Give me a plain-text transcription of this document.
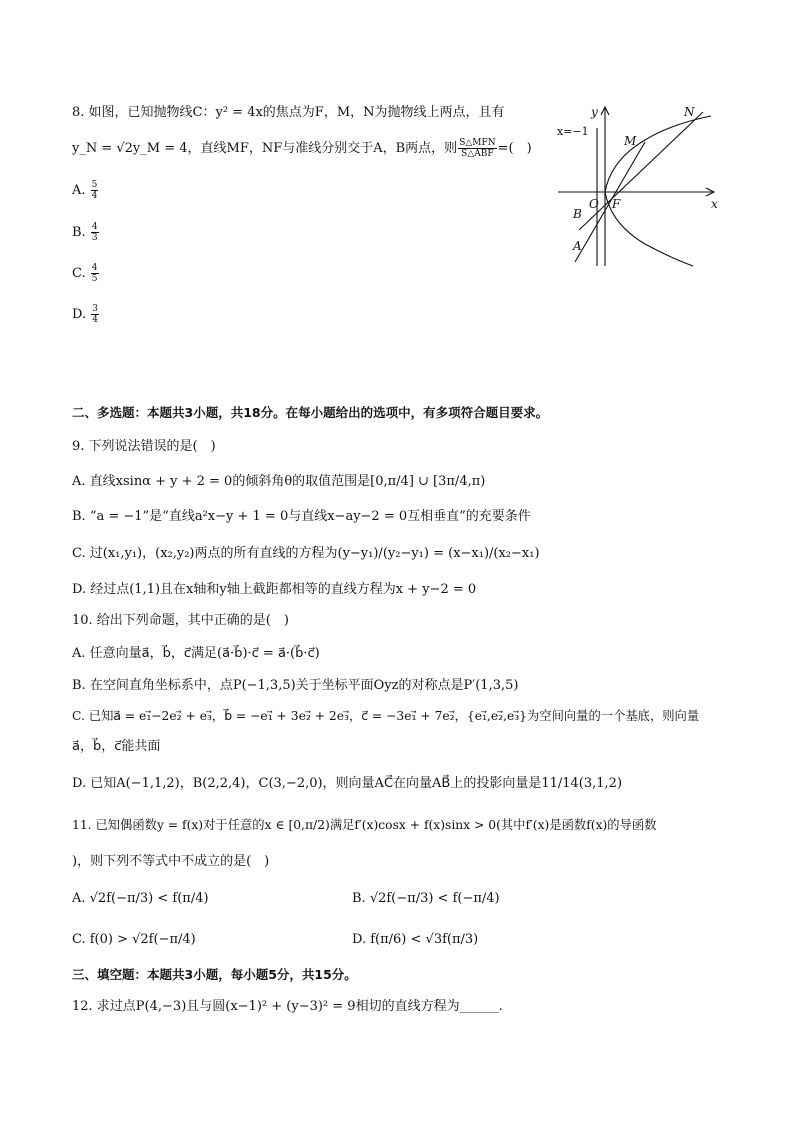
8. 如图，已知抛物线C：y² = 4x的焦点为F，M，N为抛物线上两点，且有
y_N = √2y_M = 4，直线MF，NF与准线分别交于A，B两点，则 $\frac{\text{S△MFN}}{\text{S△ABF}}$ =(　)
A. $\frac{5}{4}$
B. $\frac{4}{3}$
C. $\frac{4}{5}$
D. $\frac{3}{4}$
y
x
x=−1
O F
M
N
A
B
二、多选题：本题共3小题，共18分。在每小题给出的选项中，有多项符合题目要求。
9. 下列说法错误的是(　)
A. 直线xsinα + y + 2 = 0的倾斜角θ的取值范围是[0,π/4] ∪ [3π/4,π)
B. “a = −1”是“直线a²x−y + 1 = 0与直线x−ay−2 = 0互相垂直”的充要条件
C. 过(x₁,y₁)，(x₂,y₂)两点的所有直线的方程为(y−y₁)/(y₂−y₁) = (x−x₁)/(x₂−x₁)
D. 经过点(1,1)且在x轴和y轴上截距都相等的直线方程为x + y−2 = 0
10. 给出下列命题，其中正确的是(　)
A. 任意向量a⃗，b⃗，c⃗满足(a⃗·b⃗)·c⃗ = a⃗·(b⃗·c⃗)
B. 在空间直角坐标系中，点P(−1,3,5)关于坐标平面Oyz的对称点是P′(1,3,5)
C. 已知a⃗ = e₁⃗−2e₂⃗ + e₃⃗，b⃗ = −e₁⃗ + 3e₂⃗ + 2e₃⃗，c⃗ = −3e₁⃗ + 7e₂⃗，{e₁⃗,e₂⃗,e₃⃗}为空间向量的一个基底，则向量
a⃗，b⃗，c⃗能共面
D. 已知A(−1,1,2)，B(2,2,4)，C(3,−2,0)，则向量AC⃗在向量AB⃗上的投影向量是11/14(3,1,2)
11. 已知偶函数y = f(x)对于任意的x ∈ [0,π/2)满足f′(x)cosx + f(x)sinx > 0(其中f′(x)是函数f(x)的导函数
)，则下列不等式中不成立的是(　)
A. √2f(−π/3) < f(π/4)	B. √2f(−π/3) < f(−π/4)
C. f(0) > √2f(−π/4)	D. f(π/6) < √3f(π/3)
三、填空题：本题共3小题，每小题5分，共15分。
12. 求过点P(4,−3)且与圆(x−1)² + (y−3)² = 9相切的直线方程为______.
